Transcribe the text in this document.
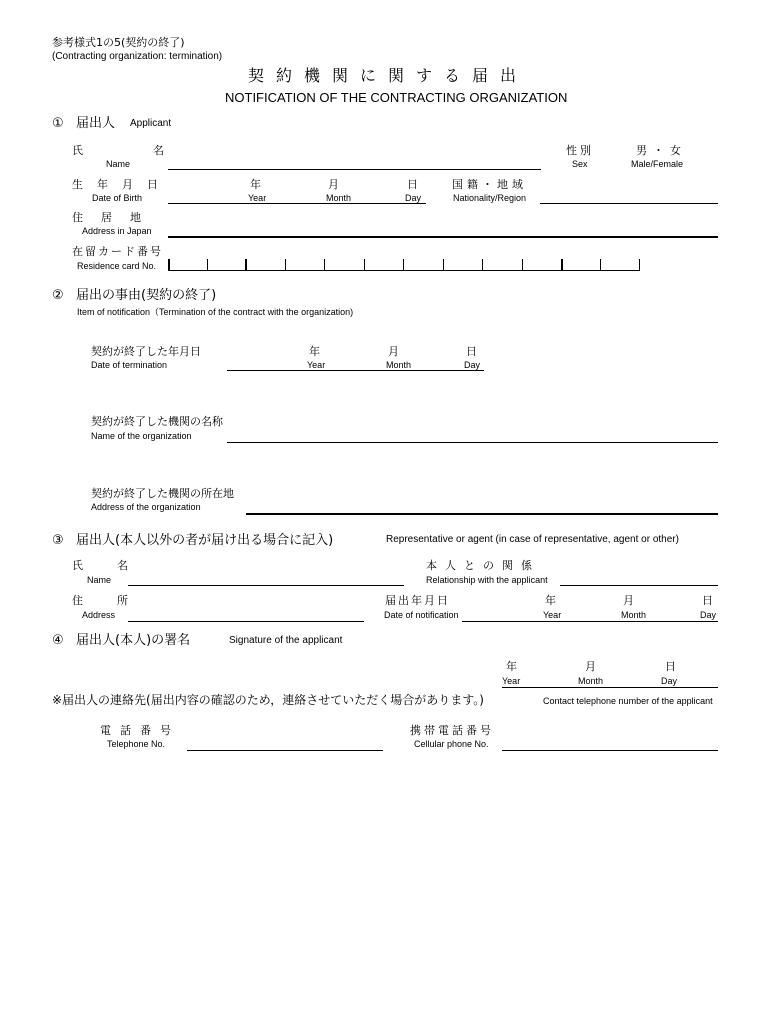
参考様式1の5(契約の終了)
(Contracting organization: termination)
契約機関に関する届出
NOTIFICATION OF THE CONTRACTING ORGANIZATION
① 届出人 Applicant
氏	名
Name
性別
Sex
男・女
Male/Female
生年月日
Date of Birth
年
Year
月
Month
日
Day
国籍・地域
Nationality/Region
住居地
Address in Japan
在留カード番号
Residence card No.
② 届出の事由(契約の終了)
Item of notification（Termination of the contract with the organization)
契約が終了した年月日
Date of termination
年
Year
月
Month
日
Day
契約が終了した機関の名称
Name of the organization
契約が終了した機関の所在地
Address of the organization
③ 届出人(本人以外の者が届け出る場合に記入)	Representative or agent (in case of representative, agent or other)
氏	名
Name
本人との関係
Relationship with the applicant
住	所
Address
届出年月日
Date of notification
年
Year
月
Month
日
Day
④ 届出人(本人)の署名	Signature of the applicant
年
Year
月
Month
日
Day
※届出人の連絡先(届出内容の確認のため，連絡させていただく場合があります。)	Contact telephone number of the applicant
電話番号
Telephone No.
携帯電話番号
Cellular phone No.
